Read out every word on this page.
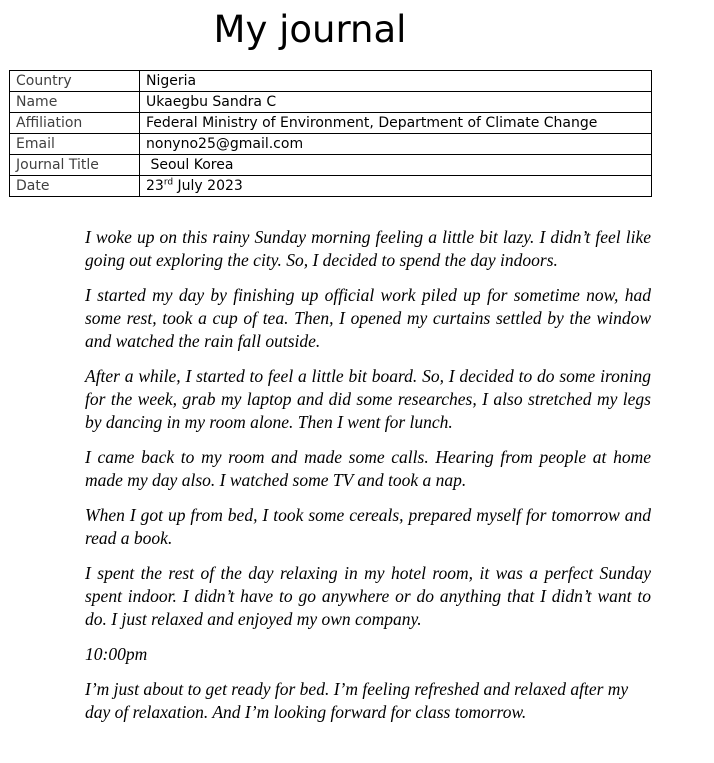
My journal
Country	Nigeria
Name	Ukaegbu Sandra C
Affiliation	Federal Ministry of Environment, Department of Climate Change
Email	nonyno25@gmail.com
Journal Title	Seoul Korea
Date	23rd July 2023

I woke up on this rainy Sunday morning feeling a little bit lazy. I didn’t feel like going out exploring the city. So, I decided to spend the day indoors.

I started my day by finishing up official work piled up for sometime now, had some rest, took a cup of tea. Then, I opened my curtains settled by the window and watched the rain fall outside.

After a while, I started to feel a little bit board. So, I decided to do some ironing for the week, grab my laptop and did some researches, I also stretched my legs by dancing in my room alone. Then I went for lunch.

I came back to my room and made some calls. Hearing from people at home made my day also. I watched some TV and took a nap.

When I got up from bed, I took some cereals, prepared myself for tomorrow and read a book.

I spent the rest of the day relaxing in my hotel room, it was a perfect Sunday spent indoor. I didn’t have to go anywhere or do anything that I didn’t want to do. I just relaxed and enjoyed my own company.

10:00pm

I’m just about to get ready for bed. I’m feeling refreshed and relaxed after my day of relaxation. And I’m looking forward for class tomorrow.
